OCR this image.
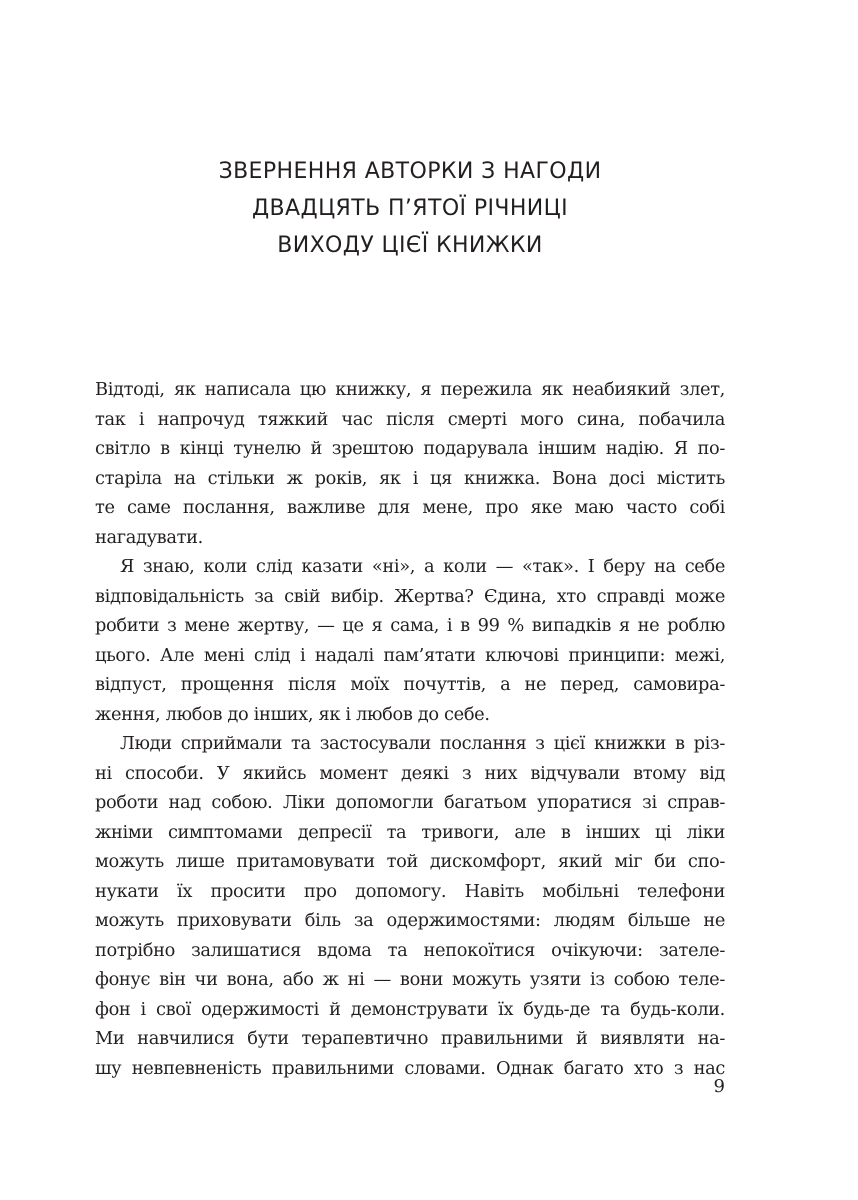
ЗВЕРНЕННЯ АВТОРКИ З НАГОДИ
ДВАДЦЯТЬ П’ЯТОЇ РІЧНИЦІ
ВИХОДУ ЦІЄЇ КНИЖКИ
Відтоді, як написала цю книжку, я пережила як неабиякий злет,
так і напрочуд тяжкий час після смерті мого сина, побачила
світло в кінці тунелю й зрештою подарувала іншим надію. Я по-
старіла на стільки ж років, як і ця книжка. Вона досі містить
те саме послання, важливе для мене, про яке маю часто собі
нагадувати.
Я знаю, коли слід казати «ні», а коли — «так». І беру на себе
відповідальність за свій вибір. Жертва? Єдина, хто справді може
робити з мене жертву, — це я сама, і в 99 % випадків я не роблю
цього. Але мені слід і надалі пам’ятати ключові принципи: межі,
відпуст, прощення після моїх почуттів, а не перед, самовира-
ження, любов до інших, як і любов до себе.
Люди сприймали та застосували послання з цієї книжки в різ-
ні способи. У якийсь момент деякі з них відчували втому від
роботи над собою. Ліки допомогли багатьом упоратися зі справ-
жніми симптомами депресії та тривоги, але в інших ці ліки
можуть лише притамовувати той дискомфорт, який міг би спо-
нукати їх просити про допомогу. Навіть мобільні телефони
можуть приховувати біль за одержимостями: людям більше не
потрібно залишатися вдома та непокоїтися очікуючи: зателе-
фонує він чи вона, або ж ні — вони можуть узяти із собою теле-
фон і свої одержимості й демонструвати їх будь-де та будь-коли.
Ми навчилися бути терапевтично правильними й виявляти на-
шу невпевненість правильними словами. Однак багато хто з нас
9
